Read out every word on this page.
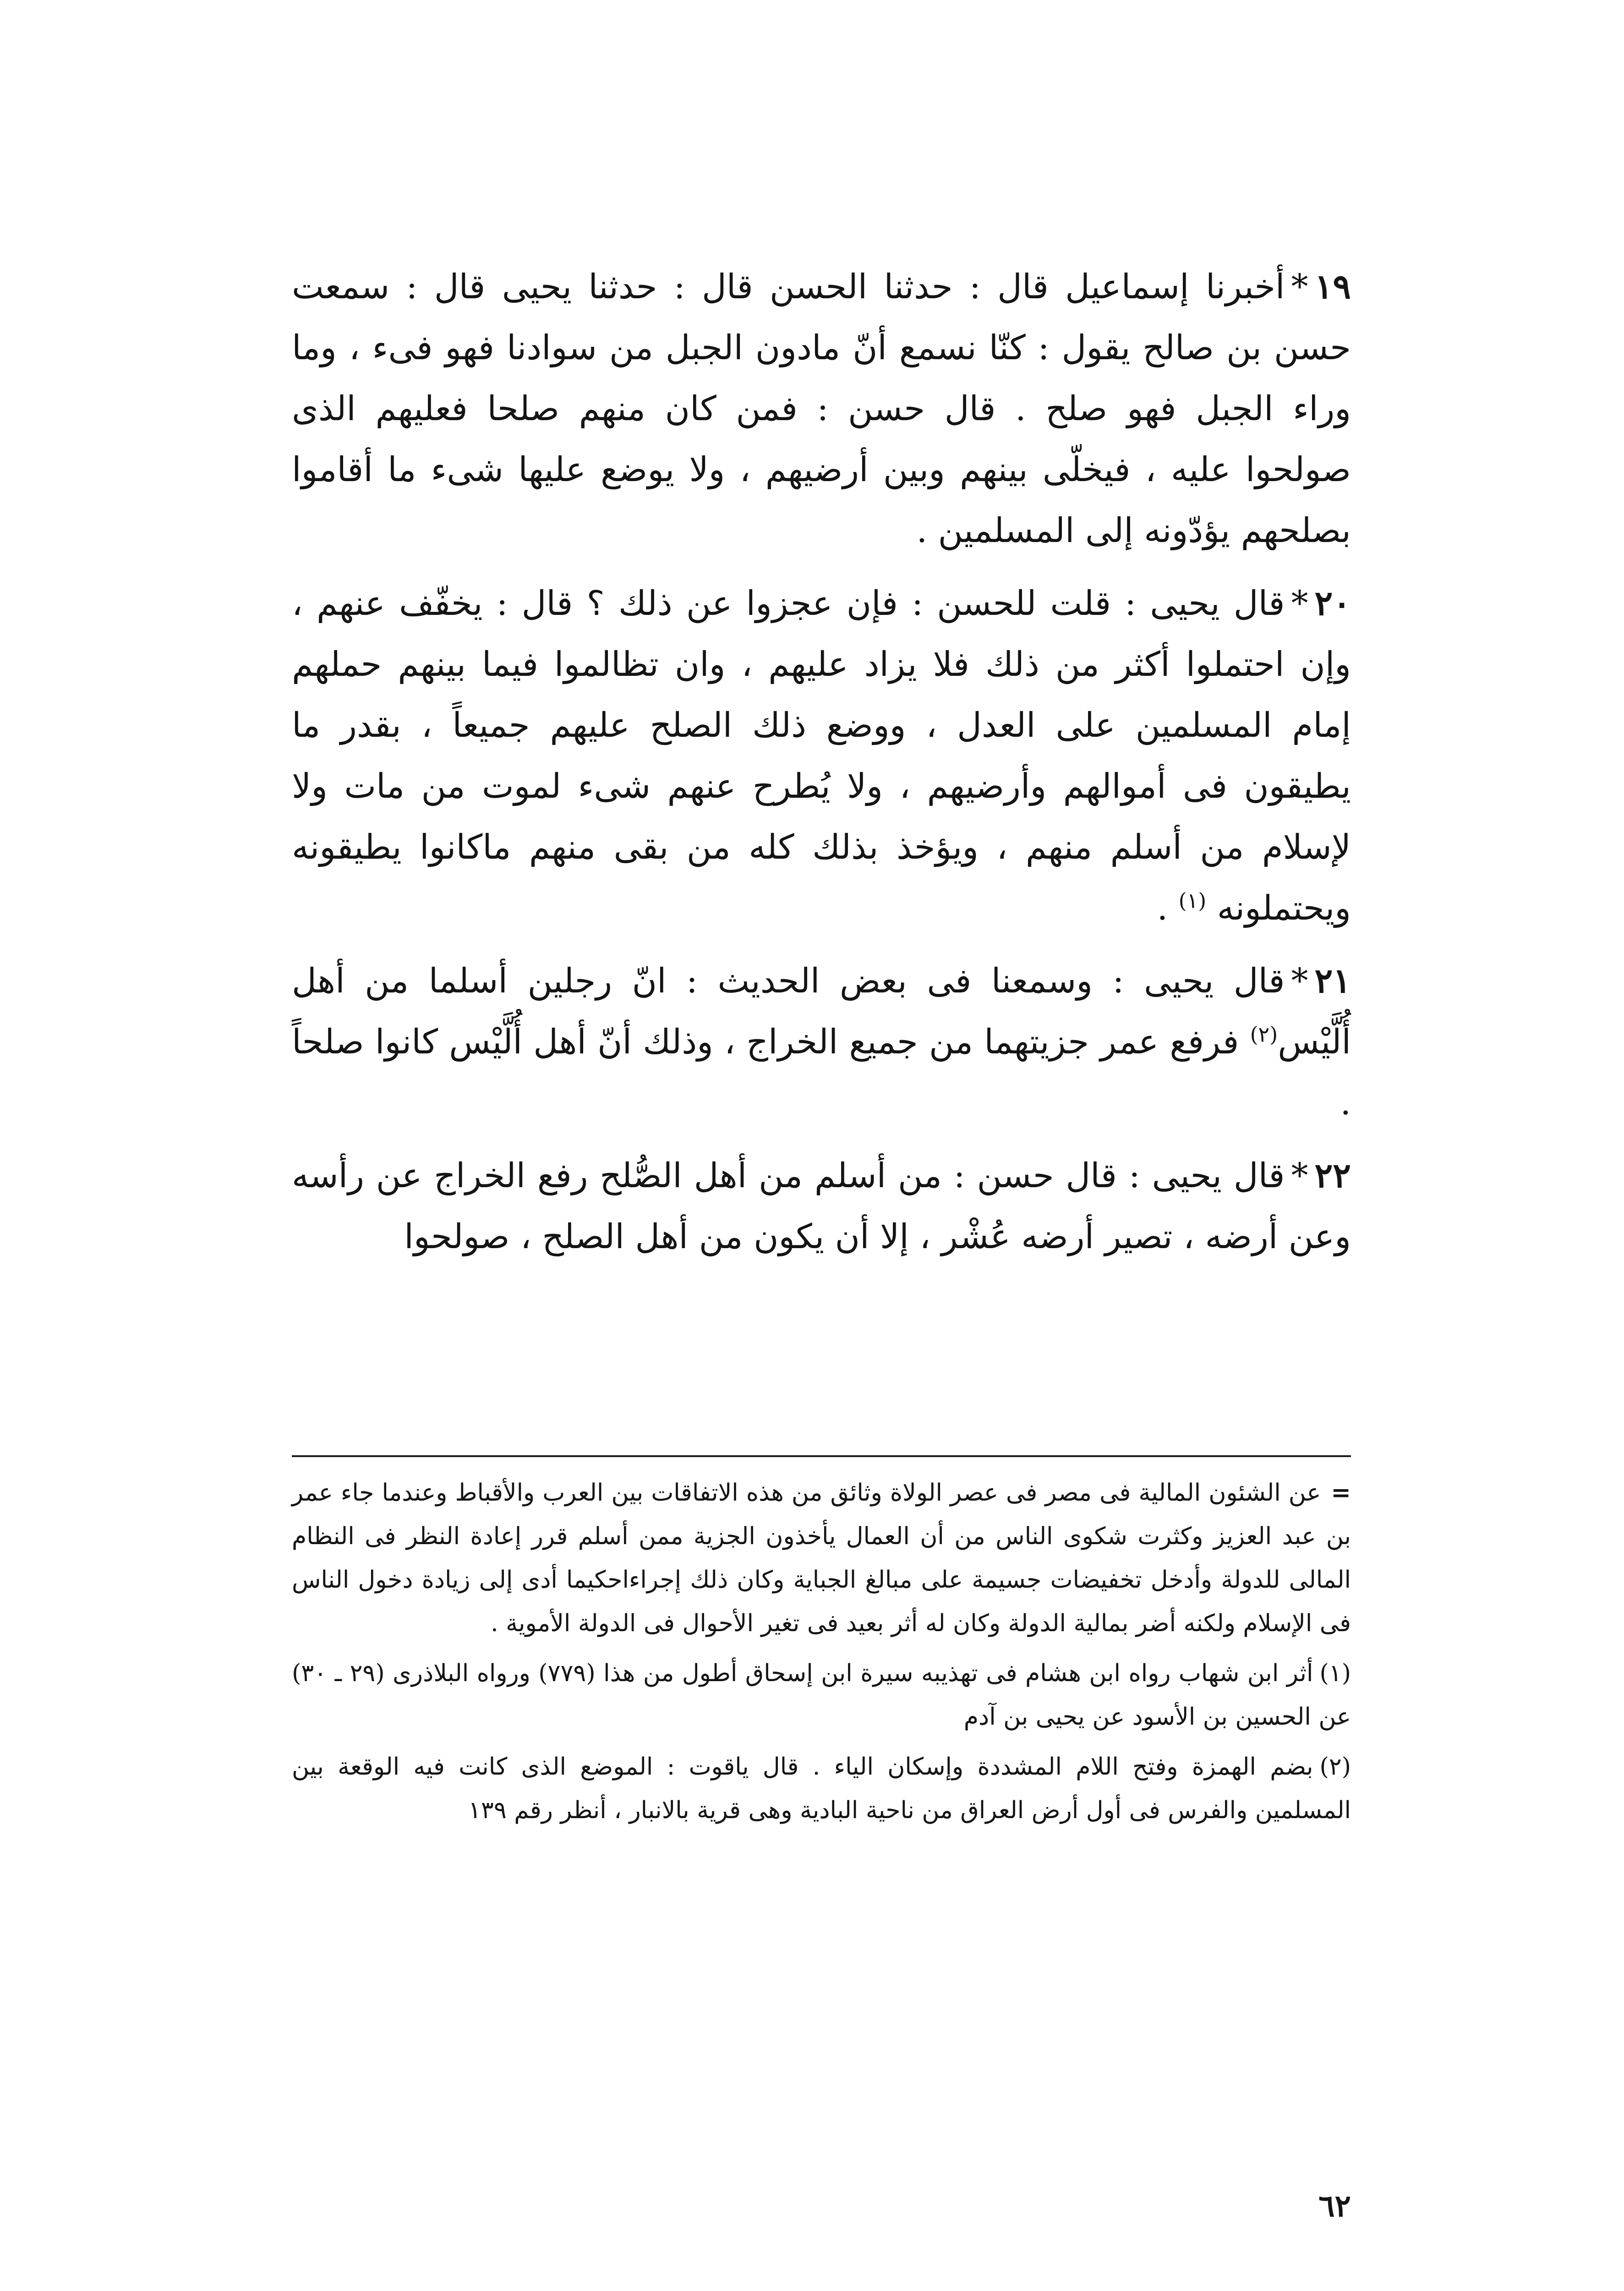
١٩*أخبرنا إسماعيل قال : حدثنا الحسن قال : حدثنا يحيى قال : سمعت حسن بن صالح يقول : كنّا نسمع أنّ مادون الجبل من سوادنا فهو فىء ، وما وراء الجبل فهو صلح . قال حسن : فمن كان منهم صلحا فعليهم الذى صولحوا عليه ، فيخلّى بينهم وبين أرضيهم ، ولا يوضع عليها شىء ما أقاموا بصلحهم يؤدّونه إلى المسلمين .

٢٠*قال يحيى : قلت للحسن : فإن عجزوا عن ذلك ؟ قال : يخفّف عنهم ، وإن احتملوا أكثر من ذلك فلا يزاد عليهم ، وان تظالموا فيما بينهم حملهم إمام المسلمين على العدل ، ووضع ذلك الصلح عليهم جميعاً ، بقدر ما يطيقون فى أموالهم وأرضيهم ، ولا يُطرح عنهم شىء لموت من مات ولا لإسلام من أسلم منهم ، ويؤخذ بذلك كله من بقى منهم ماكانوا يطيقونه ويحتملونه $^{(١)}$ .

٢١*قال يحيى : وسمعنا فى بعض الحديث : انّ رجلين أسلما من أهل أُلَّيْس$^{(٢)}$ فرفع عمر جزيتهما من جميع الخراج ، وذلك أنّ أهل أُلَّيْس كانوا صلحاً .

٢٢*قال يحيى : قال حسن : من أسلم من أهل الصُّلح رفع الخراج عن رأسه وعن أرضه ، تصير أرضه عُشْر ، إلا أن يكون من أهل الصلح ، صولحوا

=عن الشئون المالية فى مصر فى عصر الولاة وثائق من هذه الاتفاقات بين العرب والأقباط وعندما جاء عمر بن عبد العزيز وكثرت شكوى الناس من أن العمال يأخذون الجزية ممن أسلم قرر إعادة النظر فى النظام المالى للدولة وأدخل تخفيضات جسيمة على مبالغ الجباية وكان ذلك إجراءاحكيما أدى إلى زيادة دخول الناس فى الإسلام ولكنه أضر بمالية الدولة وكان له أثر بعيد فى تغير الأحوال فى الدولة الأموية .

(١)أثر ابن شهاب رواه ابن هشام فى تهذيبه سيرة ابن إسحاق أطول من هذا (٧٧٩) ورواه البلاذرى (٢٩ ـ ٣٠) عن الحسين بن الأسود عن يحيى بن آدم

(٢)بضم الهمزة وفتح اللام المشددة وإسكان الياء . قال ياقوت : الموضع الذى كانت فيه الوقعة بين المسلمين والفرس فى أول أرض العراق من ناحية البادية وهى قرية بالانبار ، أنظر رقم ١٣٩

٦٢
